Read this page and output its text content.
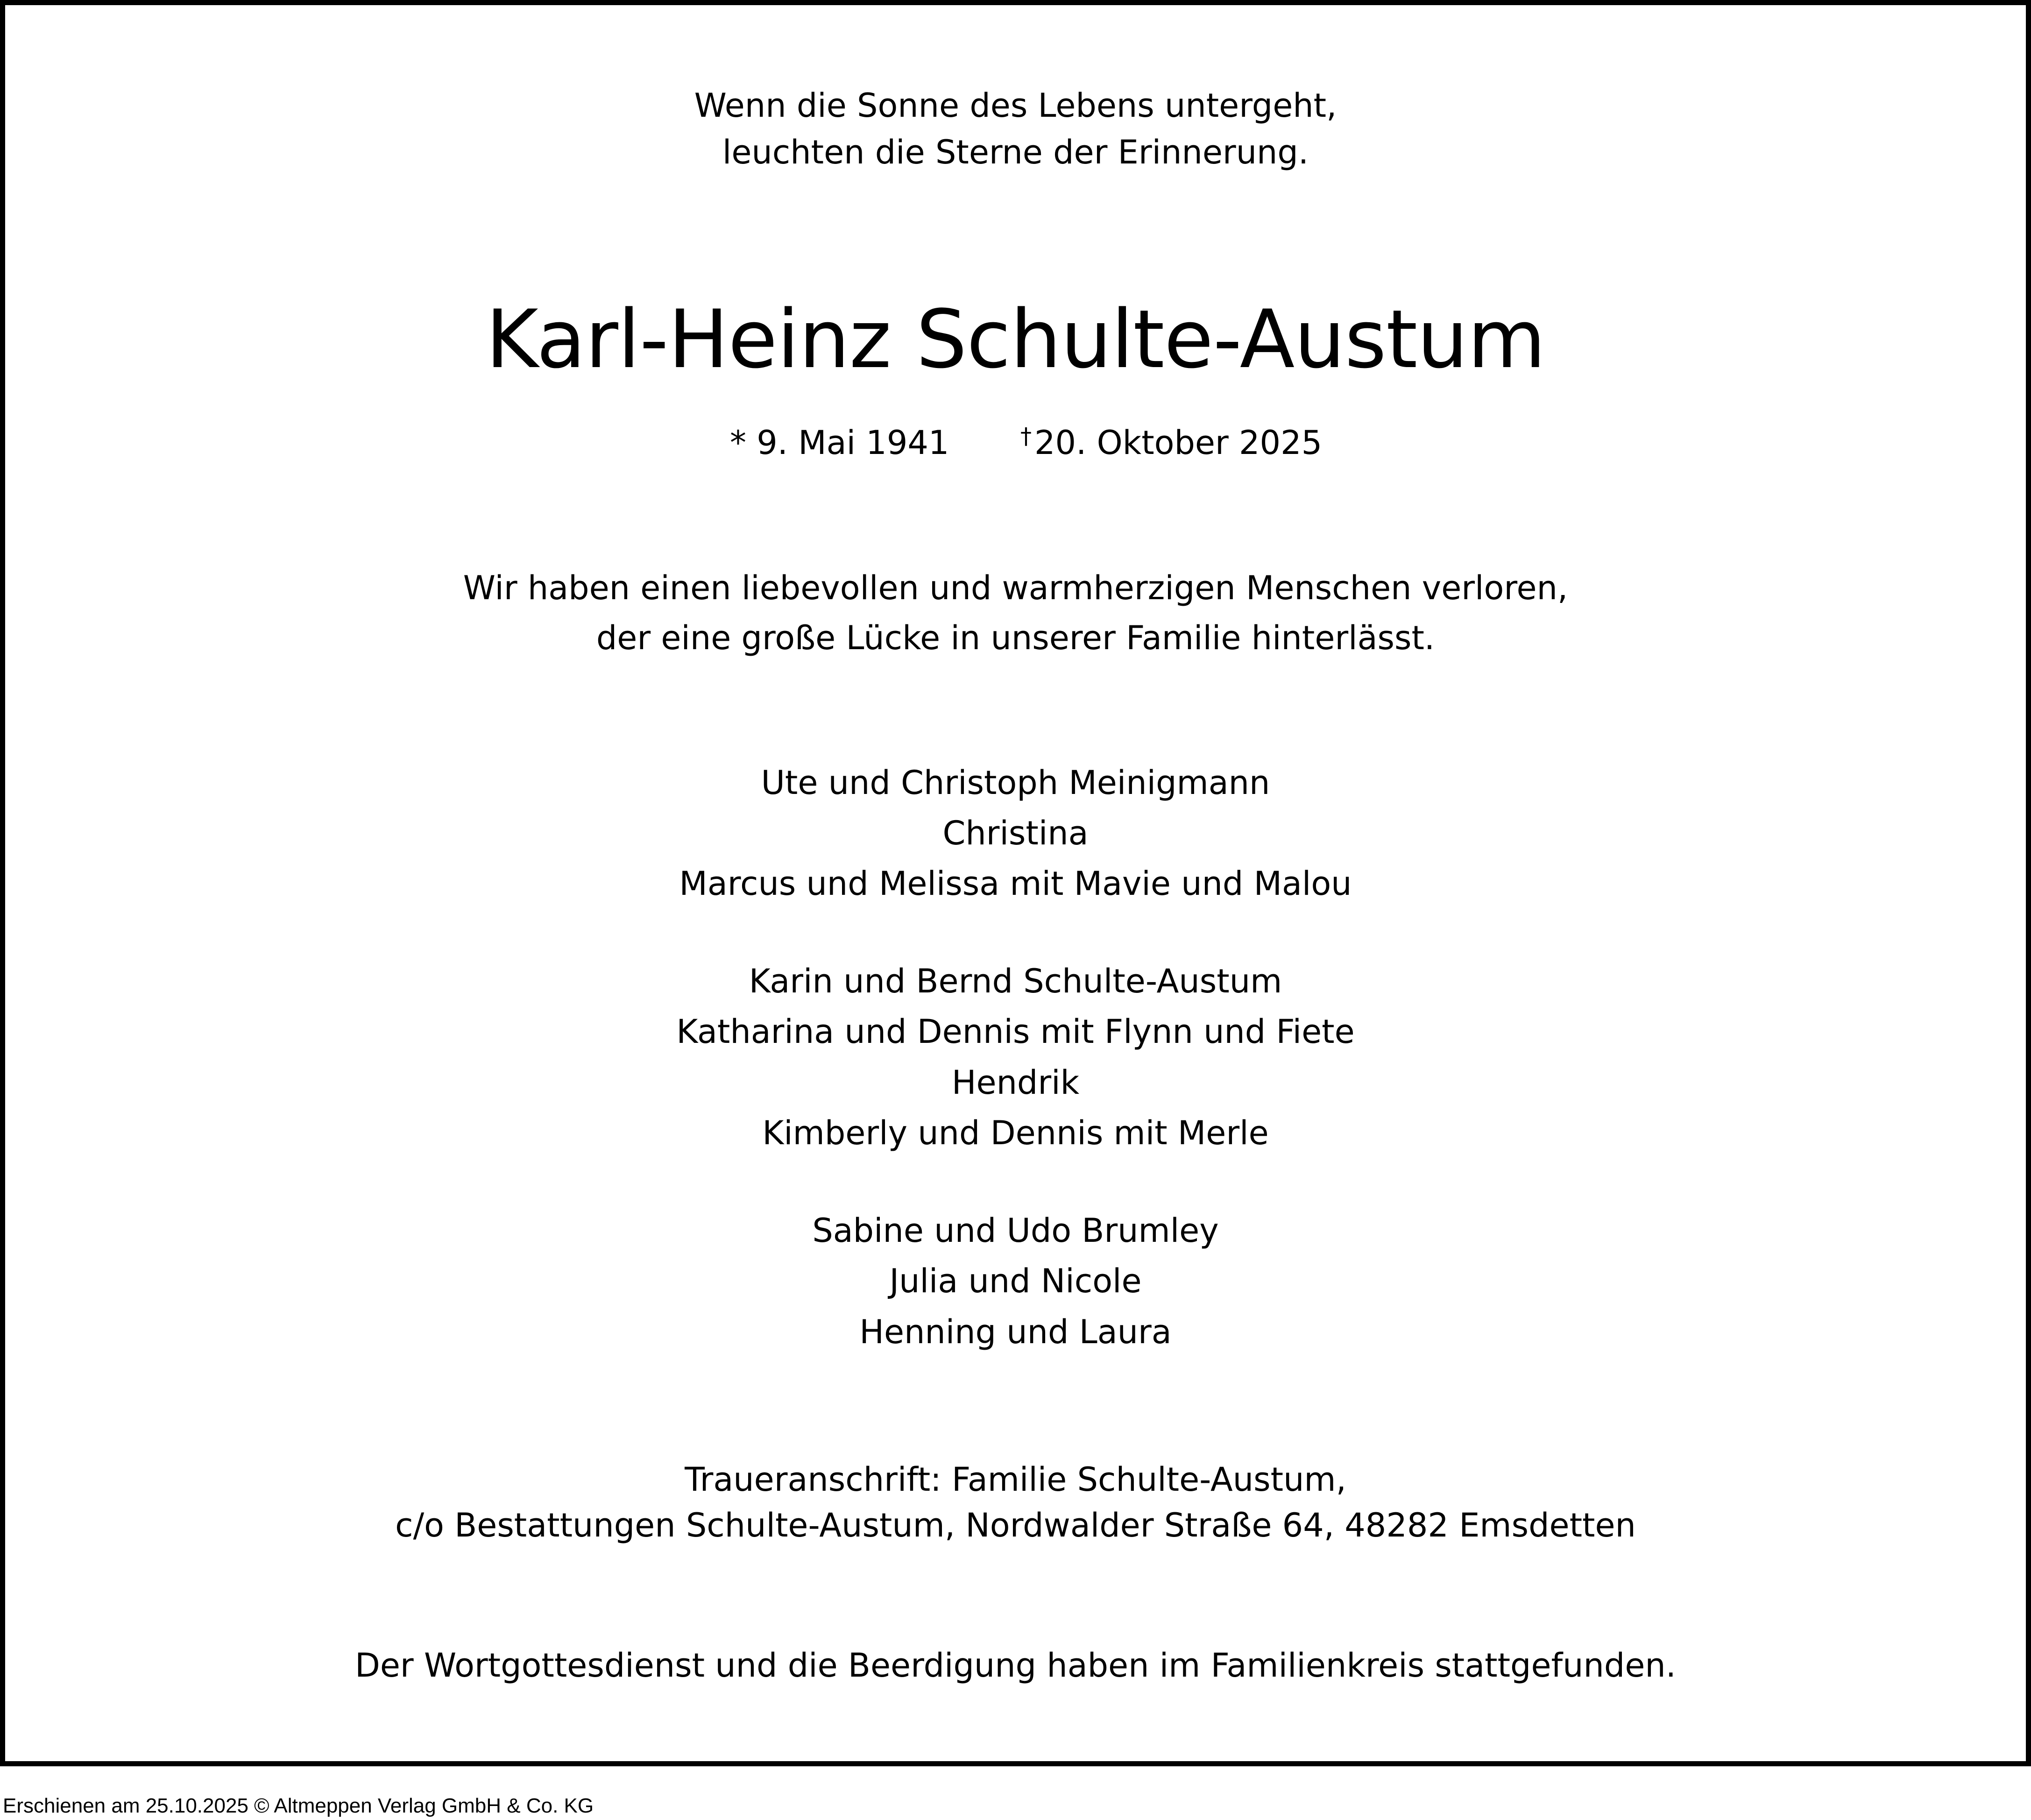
Wenn die Sonne des Lebens untergeht,
leuchten die Sterne der Erinnerung.
Karl-Heinz Schulte-Austum
* 9. Mai 1941	†20. Oktober 2025
Wir haben einen liebevollen und warmherzigen Menschen verloren,
der eine große Lücke in unserer Familie hinterlässt.
Ute und Christoph Meinigmann
Christina
Marcus und Melissa mit Mavie und Malou
Karin und Bernd Schulte-Austum
Katharina und Dennis mit Flynn und Fiete
Hendrik
Kimberly und Dennis mit Merle
Sabine und Udo Brumley
Julia und Nicole
Henning und Laura
Traueranschrift: Familie Schulte-Austum,
c/o Bestattungen Schulte-Austum, Nordwalder Straße 64, 48282 Emsdetten
Der Wortgottesdienst und die Beerdigung haben im Familienkreis stattgefunden.
Erschienen am 25.10.2025 © Altmeppen Verlag GmbH & Co. KG
